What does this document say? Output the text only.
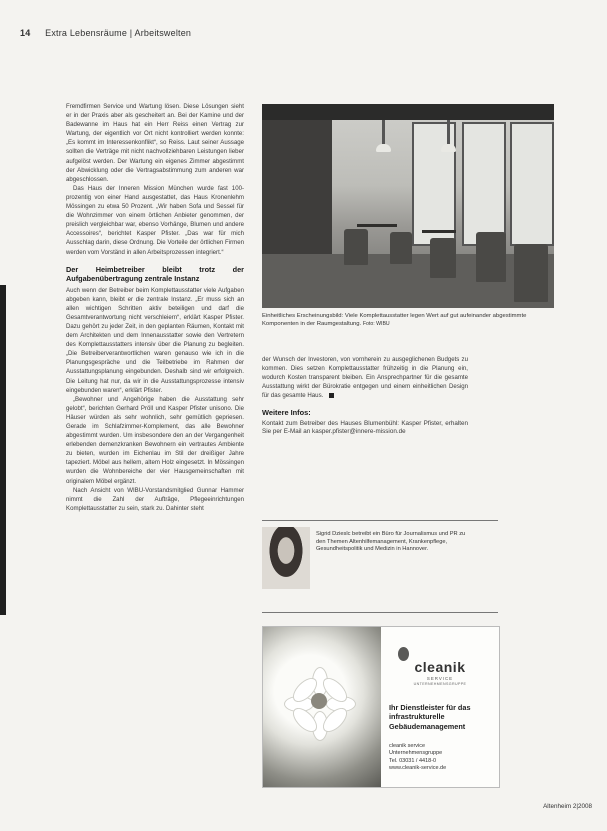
14 Extra Lebensräume | Arbeitswelten

Fremdfirmen Service und Wartung lösen. Diese Lösungen sieht er in der Praxis aber als gescheitert an. Bei der Kamine und der Badewanne im Haus hat ein Herr Reiss einen Vertrag zur Wartung, der eigentlich vor Ort nicht kontrolliert werden konnte: „Es kommt im Interessenkonflikt“, so Reiss. Laut seiner Aussage sollten die Verträge mit nicht nachvollziehbaren Leistungen lieber aufgelöst werden. Der Wartung ein eigenes Zimmer abgestimmt der Abwicklung oder die Vertragsabstimmung zum anderen war abgeschlossen.

Das Haus der Inneren Mission München wurde fast 100-prozentig von einer Hand ausgestattet, das Haus Kronenlehm Mössingen zu etwa 50 Prozent. „Wir haben Sofa und Sessel für die Wohnzimmer von einem örtlichen Anbieter genommen, der preislich vergleichbar war, ebenso Vorhänge, Blumen und andere Accessoires“, berichtet Kasper Pfister. „Das war für mich Ausschlag darin, diese Ordnung. Die Vorteile der örtlichen Firmen werden vom Vorständ in allen Arbeitsprozessen integriert.“

Der Heimbetreiber bleibt trotz der Aufgabenübertragung zentrale Instanz

Auch wenn der Betreiber beim Komplettausstatter viele Aufgaben abgeben kann, bleibt er die zentrale Instanz. „Er muss sich an allen wichtigen Schritten aktiv beteiligen und darf die Gesamtverantwortung nicht verschleiern“, erklärt Kasper Pfister. Dazu gehört zu jeder Zeit, in den geplanten Räumen, Kontakt mit dem Architekten und dem Innenausstatter sowie den Vertretern des Komplettausstatters intensiv über die Planung zu begleiten. „Die Betreiberverantwortlichen waren genauso wie ich in die Planungsgespräche und die Teilbetriebe im Rahmen der Ausstattungsplanung eingebunden. Deshalb sind wir erfolgreich. Die Leitung hat nur, da wir in die Ausstattungsprozesse intensiv eingebunden waren“, erklärt Pfister.

„Bewohner und Angehörige haben die Ausstattung sehr gelobt“, berichten Gerhard Pröll und Kasper Pfister unisono. Die Häuser würden als sehr wohnlich, sehr gemütlich gepriesen. Gerade im Schlafzimmer-Komplement, das alle Bewohner abgestimmt wurden. Um insbesondere den an der Vergangenheit erlebenden demenzkranken Bewohnern ein vertrautes Ambiente zu bieten, wurden im Eichenlau im Stil der dreißiger Jahre tapeziert. Möbel aus hellem, altem Holz eingesetzt. In Mössingen wurden die Wohnbereiche der vier Hausgemeinschaften mit originalem Möbel ergänzt.

Nach Ansicht von WIBU-Vorstandsmitglied Gunnar Hammer nimmt die Zahl der Aufträge, Pflegeeinrichtungen Komplettausstatter zu sein, stark zu. Dahinter steht

Einheitliches Erscheinungsbild: Viele Komplettausstatter legen Wert auf gut aufeinander abgestimmte Komponenten in der Raumgestaltung. Foto: WIBU

der Wunsch der Investoren, von vornherein zu ausgeglichenen Budgets zu kommen. Dies setzen Komplettausstatter frühzeitig in die Planung ein, wodurch Kosten transparent bleiben. Ein Ansprechpartner für die gesamte Ausstattung wirkt der Bürokratie entgegen und einem einheitlichen Design für das gesamte Haus.

Weitere Infos:
Kontakt zum Betreiber des Hauses Blumenbühl: Kasper Pfister, erhalten Sie per E-Mail an kasper.pfister@innere-mission.de
Sigrid Dzieslc betreibt ein Büro für Journalismus und PR zu den Themen Altenhilfemanagement, Krankenpflege, Gesundheitspolitik und Medizin in Hannover.
cleanik
SERVICE
UNTERNEHMENSGRUPPE
Ihr Dienstleister für das infrastrukturelle Gebäudemanagement
cleanik service
Unternehmensgruppe
Tel. 03031 / 4418-0
www.cleanik-service.de
Altenheim 2|2008
